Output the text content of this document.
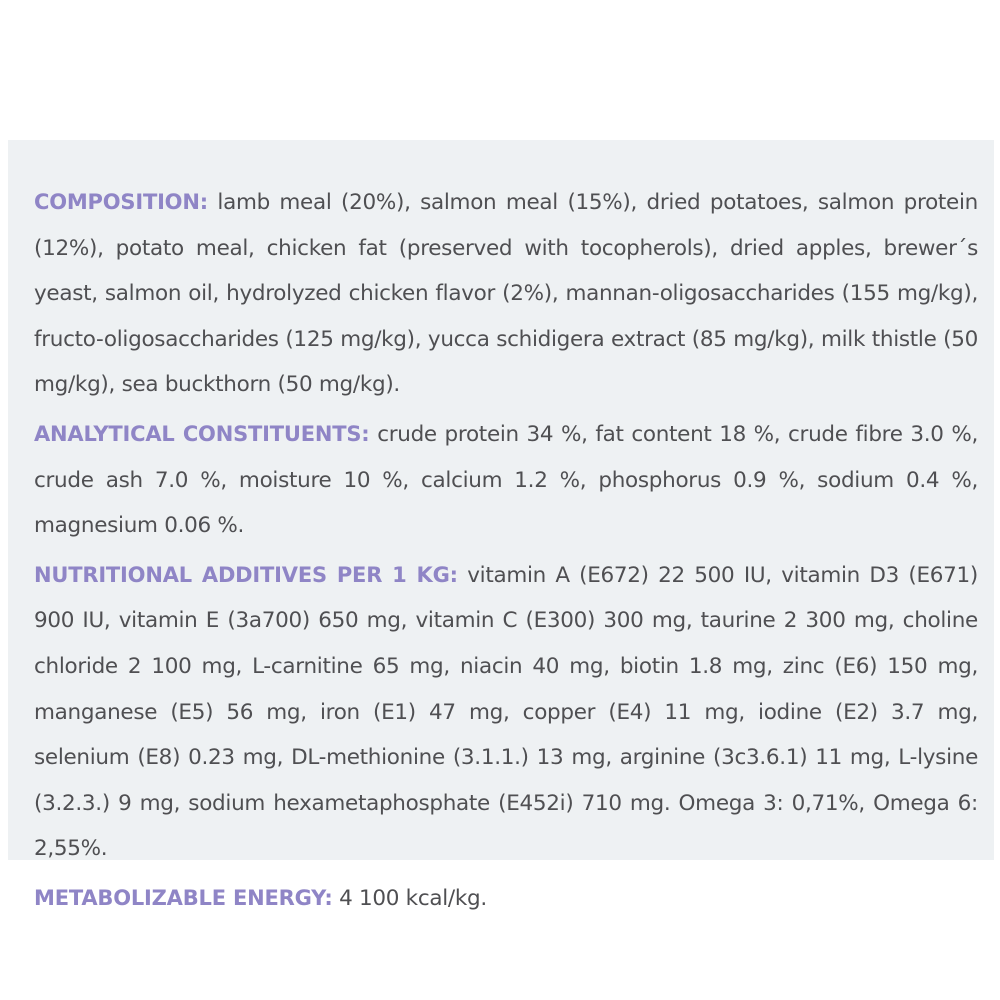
COMPOSITION: lamb meal (20%), salmon meal (15%), dried potatoes, salmon protein (12%), potato meal, chicken fat (preserved with tocopherols), dried apples, brewer´s yeast, salmon oil, hydrolyzed chicken flavor (2%), mannan-oligosaccharides (155 mg/kg), fructo-oligosaccharides (125 mg/kg), yucca schidigera extract (85 mg/kg), milk thistle (50 mg/kg), sea buckthorn (50 mg/kg).

ANALYTICAL CONSTITUENTS: crude protein 34 %, fat content 18 %, crude fibre 3.0 %, crude ash 7.0 %, moisture 10 %, calcium 1.2 %, phosphorus 0.9 %, sodium 0.4 %, magnesium 0.06 %.

NUTRITIONAL ADDITIVES PER 1 KG: vitamin A (E672) 22 500 IU, vitamin D3 (E671) 900 IU, vitamin E (3a700) 650 mg, vitamin C (E300) 300 mg, taurine 2 300 mg, choline chloride 2 100 mg, L-carnitine 65 mg, niacin 40 mg, biotin 1.8 mg, zinc (E6) 150 mg, manganese (E5) 56 mg, iron (E1) 47 mg, copper (E4) 11 mg, iodine (E2) 3.7 mg, selenium (E8) 0.23 mg, DL-methionine (3.1.1.) 13 mg, arginine (3c3.6.1) 11 mg, L-lysine (3.2.3.) 9 mg, sodium hexametaphosphate (E452i) 710 mg. Omega 3: 0,71%, Omega 6: 2,55%.

METABOLIZABLE ENERGY: 4 100 kcal/kg.
